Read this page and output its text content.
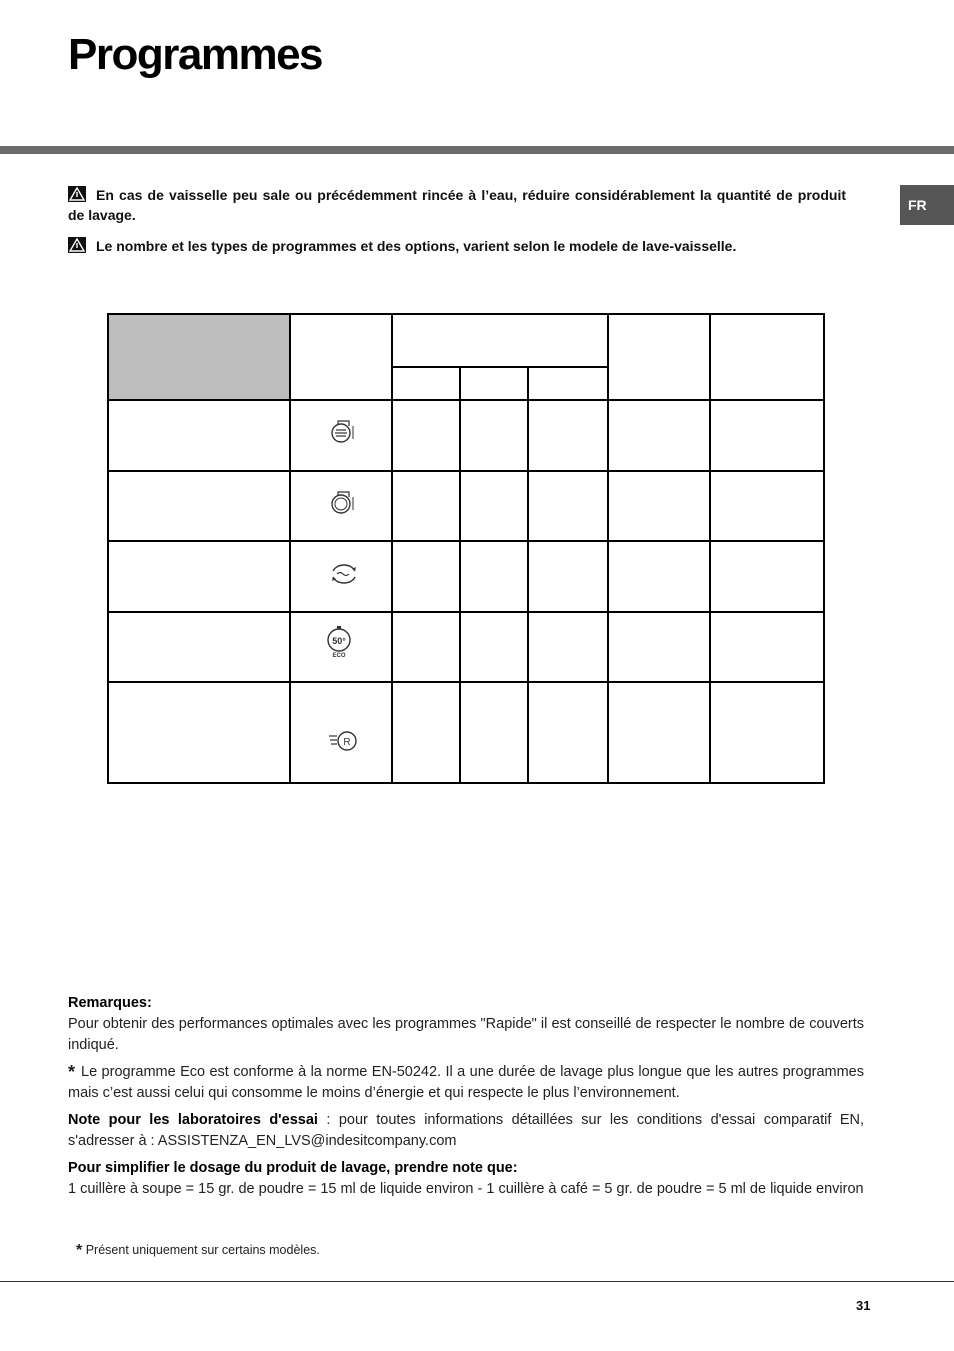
Programmes
FR
En cas de vaisselle peu sale ou précédemment rincée à l’eau, réduire considérablement la quantité de produit de lavage.
Le nombre et les types de programmes et des options, varient selon le modele de lave-vaisselle.
50°
ECO
R
Remarques:

Pour obtenir des performances optimales avec les programmes "Rapide" il est conseillé de respecter le nombre de couverts indiqué.

* Le programme Eco est conforme à la norme EN-50242. Il a une durée de lavage plus longue que les autres programmes mais c’est aussi celui qui consomme le moins d’énergie et qui respecte le plus l’environnement.

Note pour les laboratoires d'essai : pour toutes informations détaillées sur les conditions d'essai comparatif EN, s'adresser à : ASSISTENZA_EN_LVS@indesitcompany.com

Pour simplifier le dosage du produit de lavage, prendre note que:

1 cuillère à soupe = 15 gr. de poudre = 15 ml de liquide environ - 1 cuillère à café = 5 gr. de poudre = 5 ml de liquide environ

* Présent uniquement sur certains modèles.
31
